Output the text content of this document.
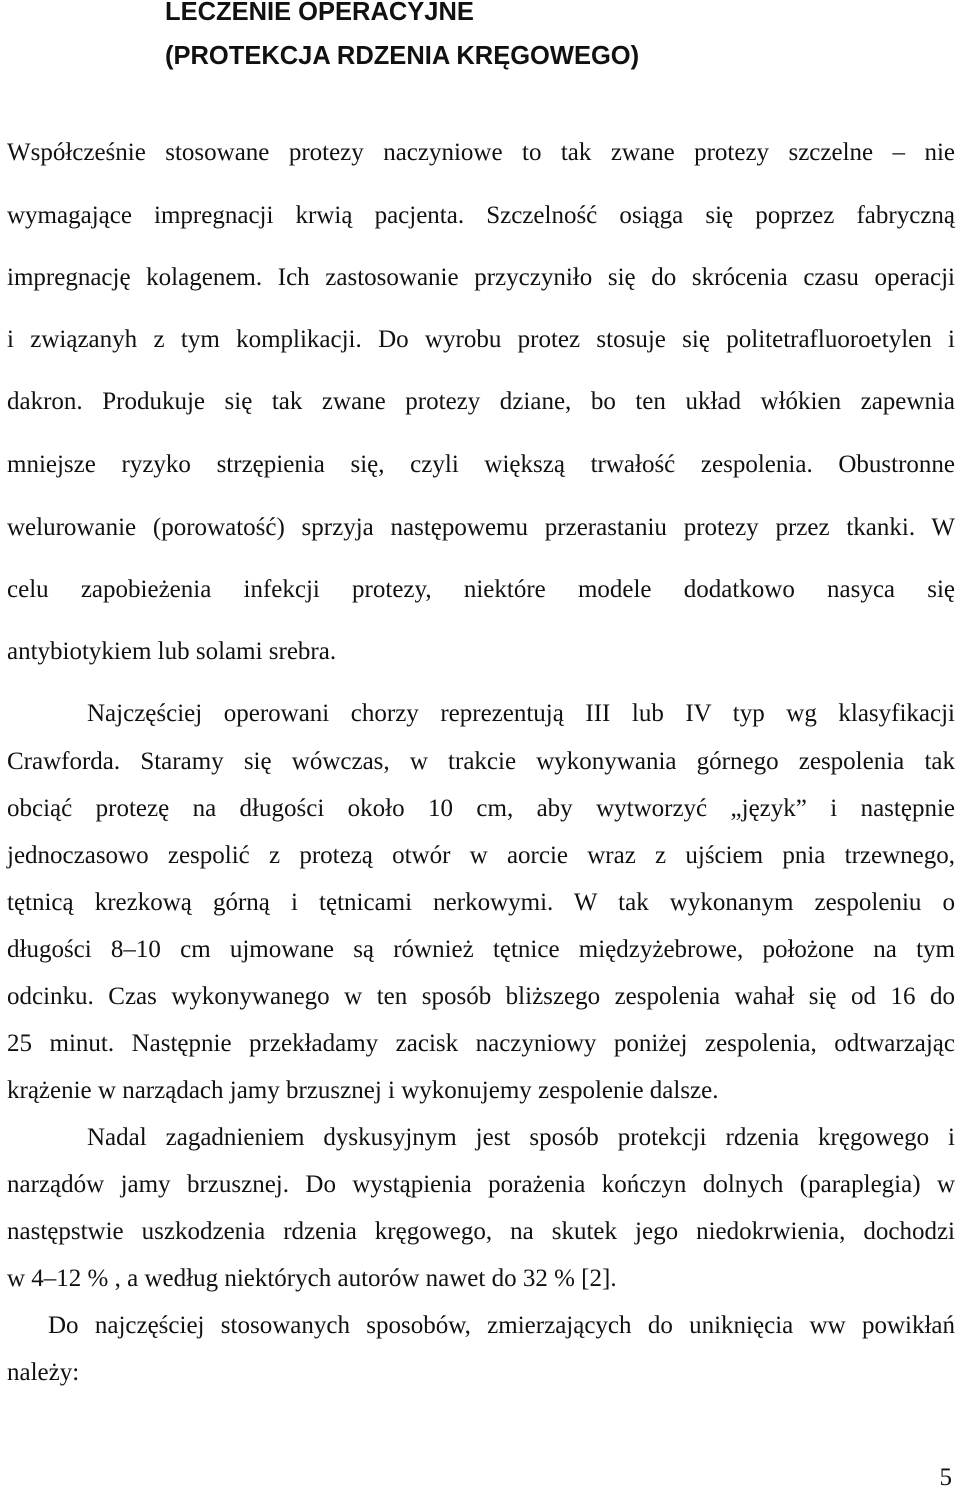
LECZENIE OPERACYJNE
(PROTEKCJA RDZENIA KRĘGOWEGO)
Współcześnie stosowane protezy naczyniowe to tak zwane protezy szczelne – nie
wymagające impregnacji krwią pacjenta. Szczelność osiąga się poprzez fabryczną
impregnację kolagenem. Ich zastosowanie przyczyniło się do skrócenia czasu operacji
i związanyh z tym komplikacji. Do wyrobu protez stosuje się politetrafluoroetylen i
dakron. Produkuje się tak zwane protezy dziane, bo ten układ włókien zapewnia
mniejsze ryzyko strzępienia się, czyli większą trwałość zespolenia. Obustronne
welurowanie (porowatość) sprzyja następowemu przerastaniu protezy przez tkanki. W
celu zapobieżenia infekcji protezy, niektóre modele dodatkowo nasyca się
antybiotykiem lub solami srebra.
Najczęściej operowani chorzy reprezentują III lub IV typ wg klasyfikacji
Crawforda. Staramy się wówczas, w trakcie wykonywania górnego zespolenia tak
obciąć protezę na długości około 10 cm, aby wytworzyć „język” i następnie
jednoczasowo zespolić z protezą otwór w aorcie wraz z ujściem pnia trzewnego,
tętnicą krezkową górną i tętnicami nerkowymi. W tak wykonanym zespoleniu o
długości 8–10 cm ujmowane są również tętnice międzyżebrowe, położone na tym
odcinku. Czas wykonywanego w ten sposób bliższego zespolenia wahał się od 16 do
25 minut. Następnie przekładamy zacisk naczyniowy poniżej zespolenia, odtwarzając
krążenie w narządach jamy brzusznej i wykonujemy zespolenie dalsze.
Nadal zagadnieniem dyskusyjnym jest sposób protekcji rdzenia kręgowego i
narządów jamy brzusznej. Do wystąpienia porażenia kończyn dolnych (paraplegia) w
następstwie uszkodzenia rdzenia kręgowego, na skutek jego niedokrwienia, dochodzi
w 4–12 % , a według niektórych autorów nawet do 32 % [2].
Do najczęściej stosowanych sposobów, zmierzających do uniknięcia ww powikłań
należy:
5
